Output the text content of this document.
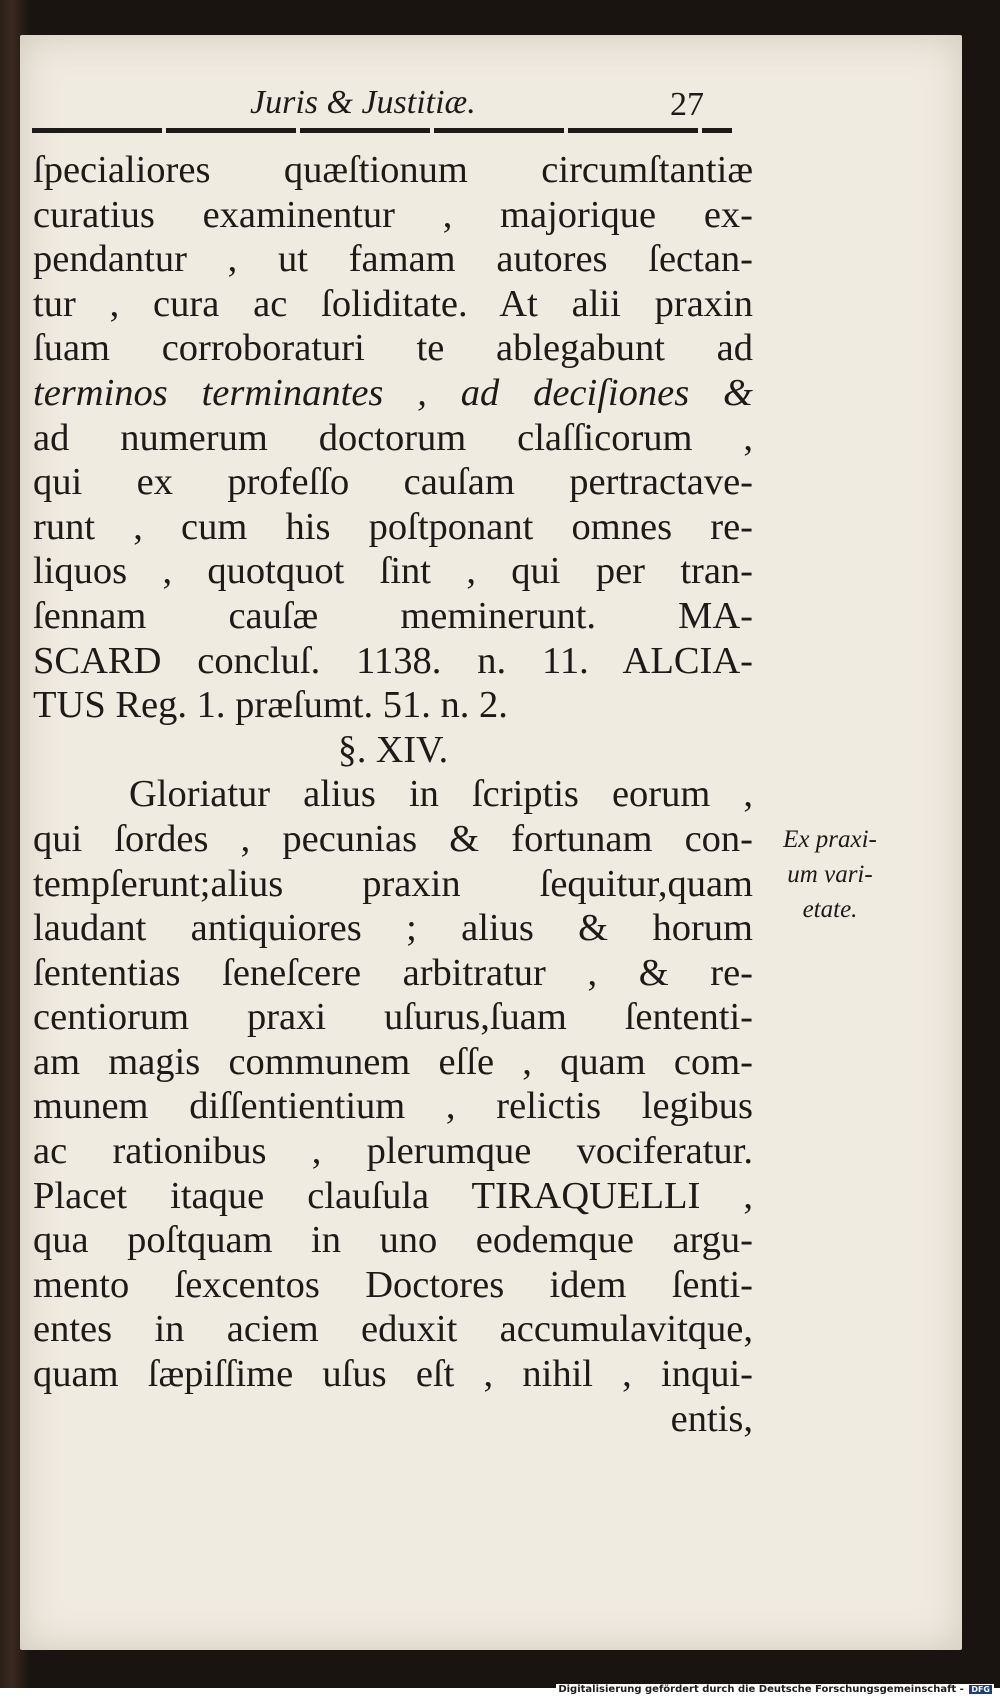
Juris & Justitiæ.	27
ſpecialiores quæſtionum circumſtantiæ
curatius examinentur , majorique ex-
pendantur , ut famam autores ſectan-
tur , cura ac ſoliditate. At alii praxin
ſuam corroboraturi te ablegabunt ad
terminos terminantes , ad deciſiones &
ad numerum doctorum claſſicorum ,
qui ex profeſſo cauſam pertractave-
runt , cum his poſtponant omnes re-
liquos , quotquot ſint , qui per tran-
ſennam cauſæ meminerunt. MA-
SCARD concluſ. 1138. n. 11. ALCIA-
TUS Reg. 1. præſumt. 51. n. 2.
§. XIV.
Gloriatur alius in ſcriptis eorum ,
qui ſordes , pecunias & fortunam con-
tempſerunt;alius praxin ſequitur,quam
laudant antiquiores ; alius & horum
ſententias ſeneſcere arbitratur , & re-
centiorum praxi uſurus,ſuam ſententi-
am magis communem eſſe , quam com-
munem diſſentientium , relictis legibus
ac rationibus , plerumque vociferatur.
Placet itaque clauſula TIRAQUELLI ,
qua poſtquam in uno eodemque argu-
mento ſexcentos Doctores idem ſenti-
entes in aciem eduxit accumulavitque,
quam ſæpiſſime uſus eſt , nihil , inqui-
entis,
Ex praxi-
um vari-
etate.
Digitalisierung gefördert durch die Deutsche Forschungsgemeinschaft - DFG
